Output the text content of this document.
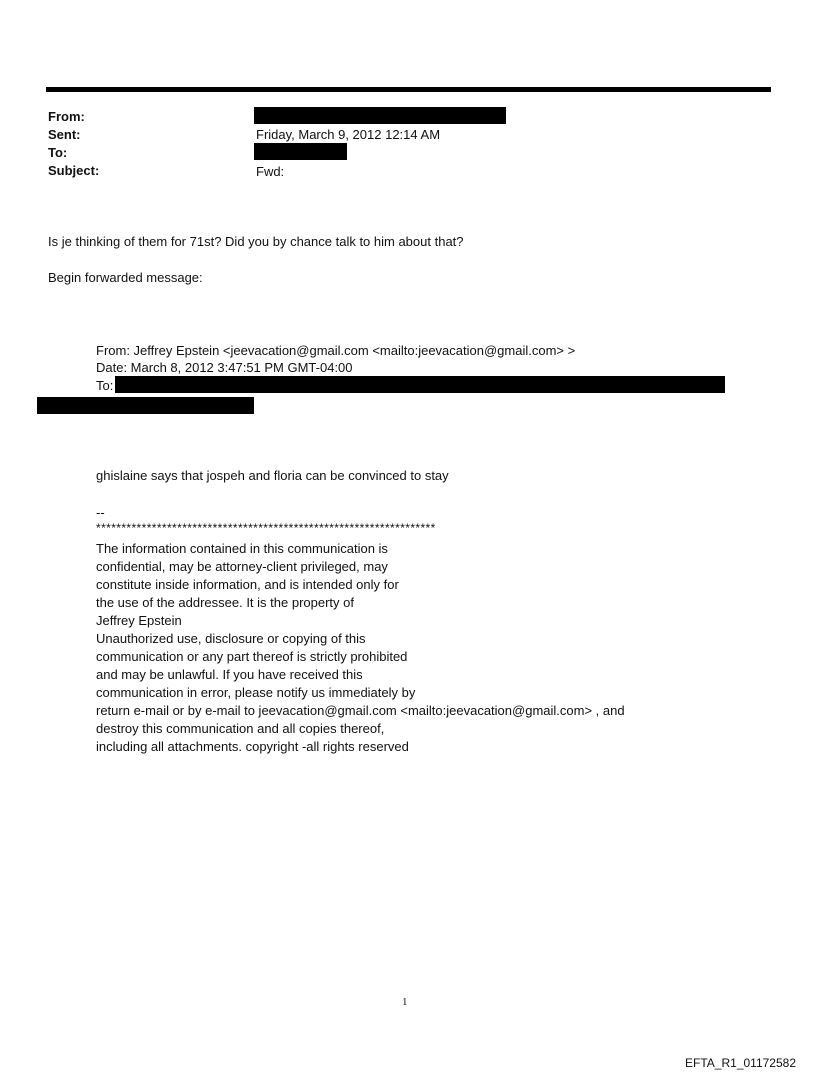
From:
Sent:	Friday, March 9, 2012 12:14 AM
To:
Subject:	Fwd:
Is je thinking of them for 71st? Did you by chance talk to him about that?
Begin forwarded message:
From: Jeffrey Epstein <jeevacation@gmail.com <mailto:jeevacation@gmail.com> >
Date: March 8, 2012 3:47:51 PM GMT-04:00
To:
ghislaine says that jospeh and floria can be convinced to stay
--
*******************************************************************
The information contained in this communication is
confidential, may be attorney-client privileged, may
constitute inside information, and is intended only for
the use of the addressee. It is the property of
Jeffrey Epstein
Unauthorized use, disclosure or copying of this
communication or any part thereof is strictly prohibited
and may be unlawful. If you have received this
communication in error, please notify us immediately by
return e-mail or by e-mail to jeevacation@gmail.com <mailto:jeevacation@gmail.com> , and
destroy this communication and all copies thereof,
including all attachments. copyright -all rights reserved
1
EFTA_R1_01172582
